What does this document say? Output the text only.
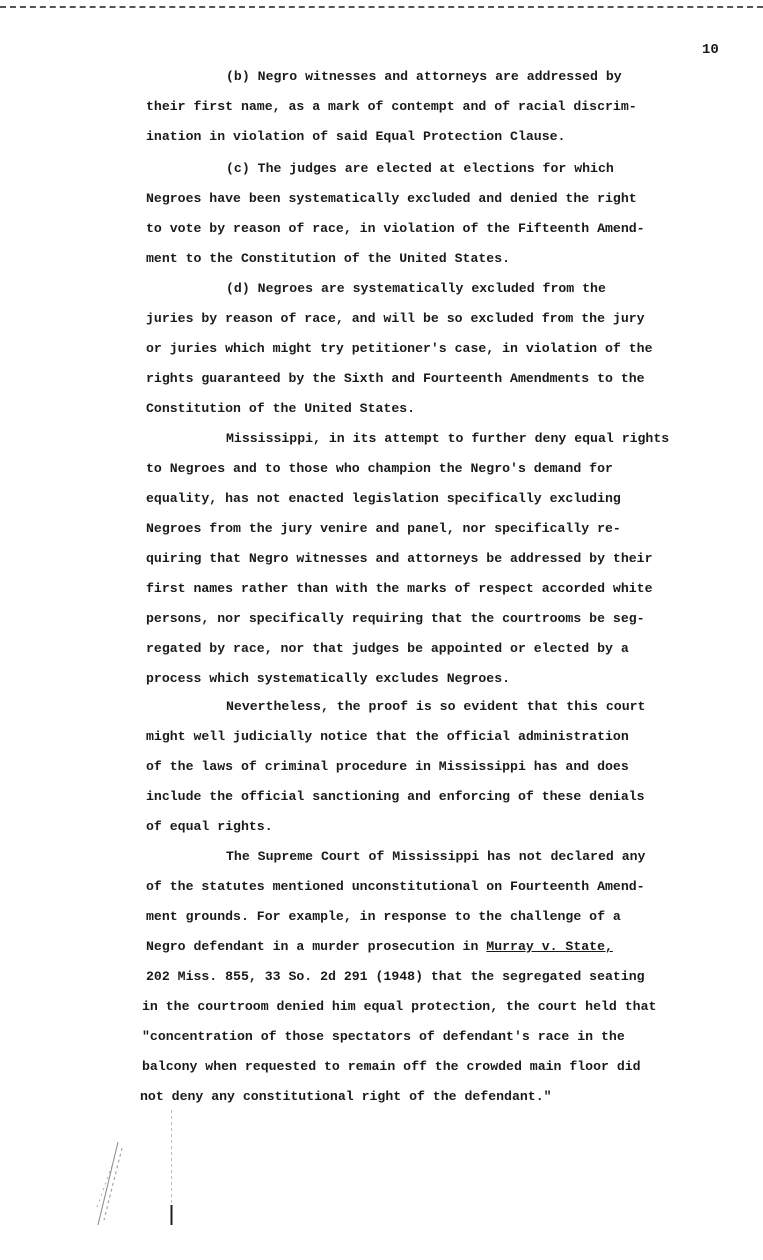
10

(b) Negro witnesses and attorneys are addressed by
their first name, as a mark of contempt and of racial discrim-
ination in violation of said Equal Protection Clause.

(c) The judges are elected at elections for which
Negroes have been systematically excluded and denied the right
to vote by reason of race, in violation of the Fifteenth Amend-
ment to the Constitution of the United States.

(d) Negroes are systematically excluded from the
juries by reason of race, and will be so excluded from the jury
or juries which might try petitioner's case, in violation of the
rights guaranteed by the Sixth and Fourteenth Amendments to the
Constitution of the United States.

Mississippi, in its attempt to further deny equal rights
to Negroes and to those who champion the Negro's demand for
equality, has not enacted legislation specifically excluding
Negroes from the jury venire and panel, nor specifically re-
quiring that Negro witnesses and attorneys be addressed by their
first names rather than with the marks of respect accorded white
persons, nor specifically requiring that the courtrooms be seg-
regated by race, nor that judges be appointed or elected by a
process which systematically excludes Negroes.

Nevertheless, the proof is so evident that this court
might well judicially notice that the official administration
of the laws of criminal procedure in Mississippi has and does
include the official sanctioning and enforcing of these denials
of equal rights.

The Supreme Court of Mississippi has not declared any
of the statutes mentioned unconstitutional on Fourteenth Amend-
ment grounds. For example, in response to the challenge of a
Negro defendant in a murder prosecution in Murray v. State,
202 Miss. 855, 33 So. 2d 291 (1948) that the segregated seating
in the courtroom denied him equal protection, the court held that
"concentration of those spectators of defendant's race in the
balcony when requested to remain off the crowded main floor did
not deny any constitutional right of the defendant."
